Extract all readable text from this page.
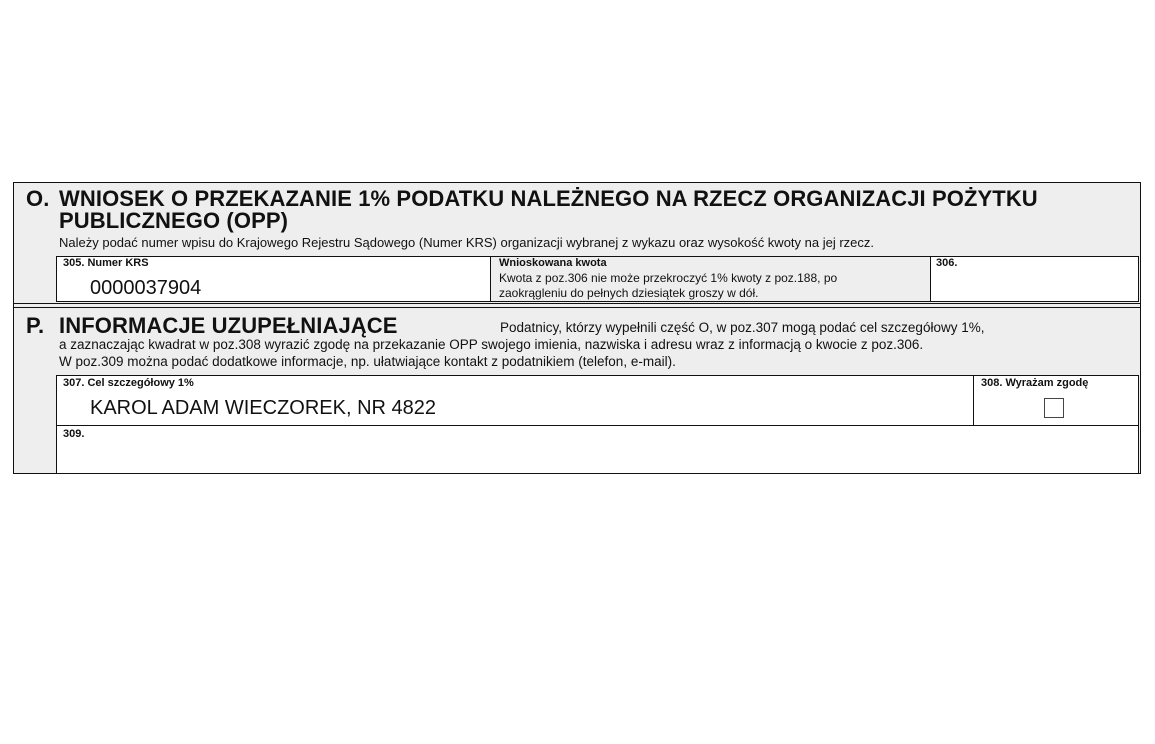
O. WNIOSEK O PRZEKAZANIE 1% PODATKU NALEŻNEGO NA RZECZ ORGANIZACJI POŻYTKU
PUBLICZNEGO (OPP)
Należy podać numer wpisu do Krajowego Rejestru Sądowego (Numer KRS) organizacji wybranej z wykazu oraz wysokość kwoty na jej rzecz.
305. Numer KRS
0000037904
Wnioskowana kwota
Kwota z poz.306 nie może przekroczyć 1% kwoty z poz.188, po
zaokrągleniu do pełnych dziesiątek groszy w dół.
306.
P. INFORMACJE UZUPEŁNIAJĄCE	Podatnicy, którzy wypełnili część O, w poz.307 mogą podać cel szczegółowy 1%,
a zaznaczając kwadrat w poz.308 wyrazić zgodę na przekazanie OPP swojego imienia, nazwiska i adresu wraz z informacją o kwocie z poz.306.
W poz.309 można podać dodatkowe informacje, np. ułatwiające kontakt z podatnikiem (telefon, e-mail).
307. Cel szczegółowy 1%
KAROL ADAM WIECZOREK, NR 4822
308. Wyrażam zgodę
309.
